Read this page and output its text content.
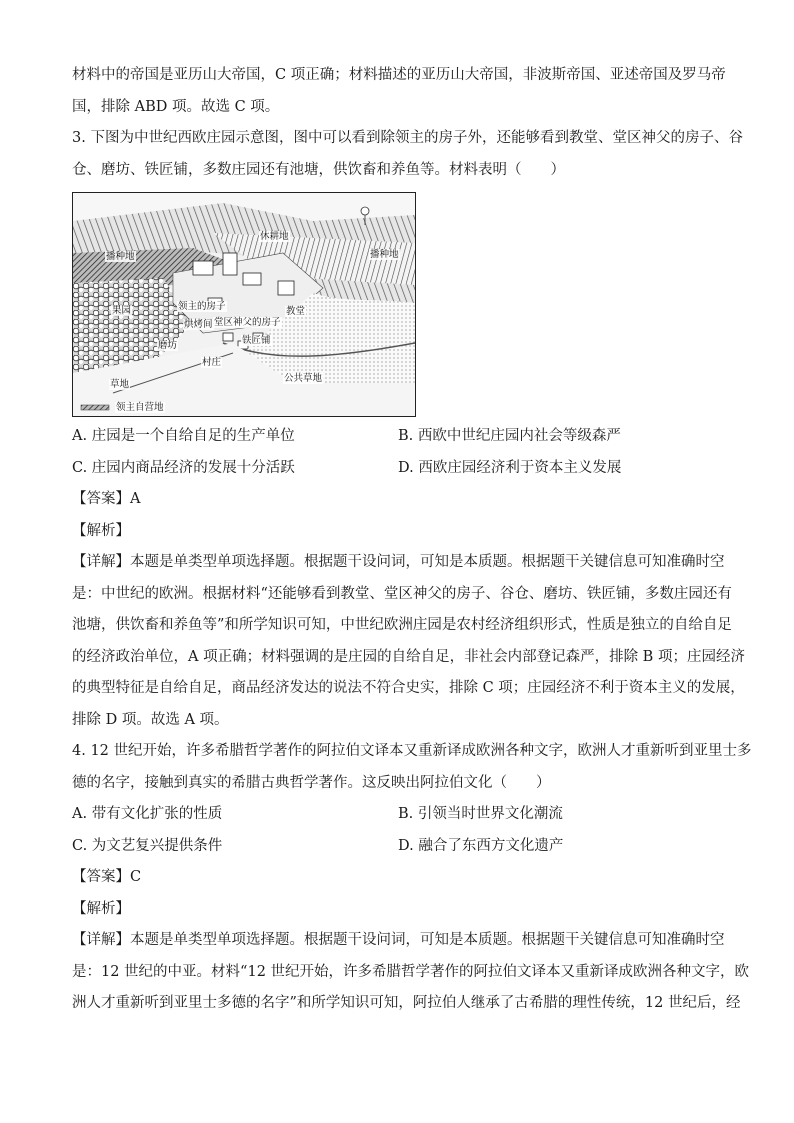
材料中的帝国是亚历山大帝国，C 项正确；材料描述的亚历山大帝国，非波斯帝国、亚述帝国及罗马帝
国，排除 ABD 项。故选 C 项。
3. 下图为中世纪西欧庄园示意图，图中可以看到除领主的房子外，还能够看到教堂、堂区神父的房子、谷
仓、磨坊、铁匠铺，多数庄园还有池塘，供饮畜和养鱼等。材料表明（　　）
播种地
休耕地
播种地
领主的房子	教堂
堂区神父的房子
果园
烘烤间
铁匠铺
磨坊
村庄
草地
公共草地
领主自营地
A. 庄园是一个自给自足的生产单位	B. 西欧中世纪庄园内社会等级森严
C. 庄园内商品经济的发展十分活跃	D. 西欧庄园经济利于资本主义发展
【答案】A
【解析】
【详解】本题是单类型单项选择题。根据题干设问词，可知是本质题。根据题干关键信息可知准确时空
是：中世纪的欧洲。根据材料“还能够看到教堂、堂区神父的房子、谷仓、磨坊、铁匠铺，多数庄园还有
池塘，供饮畜和养鱼等”和所学知识可知，中世纪欧洲庄园是农村经济组织形式，性质是独立的自给自足
的经济政治单位，A 项正确；材料强调的是庄园的自给自足，非社会内部登记森严，排除 B 项；庄园经济
的典型特征是自给自足，商品经济发达的说法不符合史实，排除 C 项；庄园经济不利于资本主义的发展，
排除 D 项。故选 A 项。
4. 12 世纪开始，许多希腊哲学著作的阿拉伯文译本又重新译成欧洲各种文字，欧洲人才重新听到亚里士多
德的名字，接触到真实的希腊古典哲学著作。这反映出阿拉伯文化（　　）
A. 带有文化扩张的性质	B. 引领当时世界文化潮流
C. 为文艺复兴提供条件	D. 融合了东西方文化遗产
【答案】C
【解析】
【详解】本题是单类型单项选择题。根据题干设问词，可知是本质题。根据题干关键信息可知准确时空
是：12 世纪的中亚。材料“12 世纪开始，许多希腊哲学著作的阿拉伯文译本又重新译成欧洲各种文字，欧
洲人才重新听到亚里士多德的名字”和所学知识可知，阿拉伯人继承了古希腊的理性传统，12 世纪后，经
